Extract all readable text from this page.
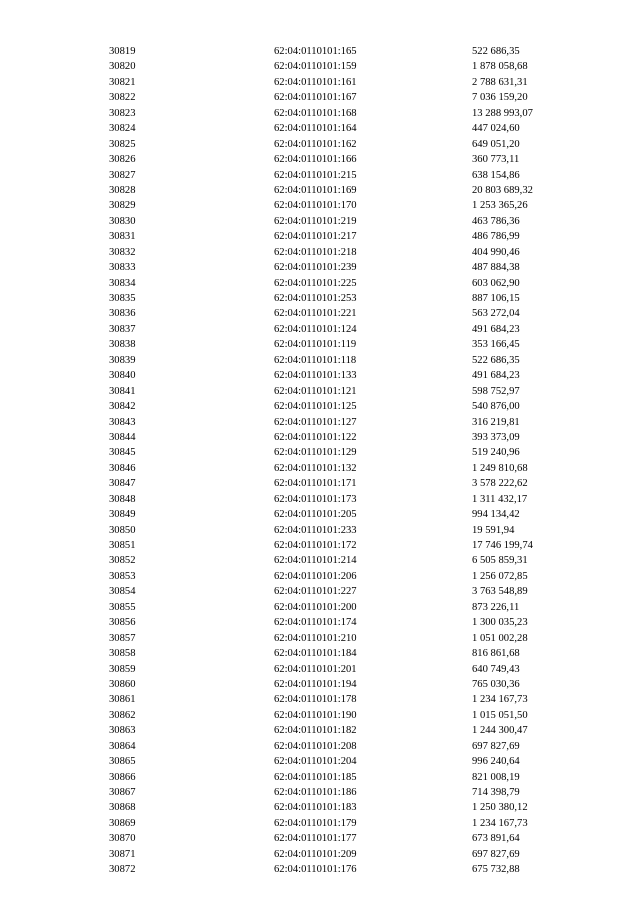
30819	62:04:0110101:165	522 686,35
30820	62:04:0110101:159	1 878 058,68
30821	62:04:0110101:161	2 788 631,31
30822	62:04:0110101:167	7 036 159,20
30823	62:04:0110101:168	13 288 993,07
30824	62:04:0110101:164	447 024,60
30825	62:04:0110101:162	649 051,20
30826	62:04:0110101:166	360 773,11
30827	62:04:0110101:215	638 154,86
30828	62:04:0110101:169	20 803 689,32
30829	62:04:0110101:170	1 253 365,26
30830	62:04:0110101:219	463 786,36
30831	62:04:0110101:217	486 786,99
30832	62:04:0110101:218	404 990,46
30833	62:04:0110101:239	487 884,38
30834	62:04:0110101:225	603 062,90
30835	62:04:0110101:253	887 106,15
30836	62:04:0110101:221	563 272,04
30837	62:04:0110101:124	491 684,23
30838	62:04:0110101:119	353 166,45
30839	62:04:0110101:118	522 686,35
30840	62:04:0110101:133	491 684,23
30841	62:04:0110101:121	598 752,97
30842	62:04:0110101:125	540 876,00
30843	62:04:0110101:127	316 219,81
30844	62:04:0110101:122	393 373,09
30845	62:04:0110101:129	519 240,96
30846	62:04:0110101:132	1 249 810,68
30847	62:04:0110101:171	3 578 222,62
30848	62:04:0110101:173	1 311 432,17
30849	62:04:0110101:205	994 134,42
30850	62:04:0110101:233	19 591,94
30851	62:04:0110101:172	17 746 199,74
30852	62:04:0110101:214	6 505 859,31
30853	62:04:0110101:206	1 256 072,85
30854	62:04:0110101:227	3 763 548,89
30855	62:04:0110101:200	873 226,11
30856	62:04:0110101:174	1 300 035,23
30857	62:04:0110101:210	1 051 002,28
30858	62:04:0110101:184	816 861,68
30859	62:04:0110101:201	640 749,43
30860	62:04:0110101:194	765 030,36
30861	62:04:0110101:178	1 234 167,73
30862	62:04:0110101:190	1 015 051,50
30863	62:04:0110101:182	1 244 300,47
30864	62:04:0110101:208	697 827,69
30865	62:04:0110101:204	996 240,64
30866	62:04:0110101:185	821 008,19
30867	62:04:0110101:186	714 398,79
30868	62:04:0110101:183	1 250 380,12
30869	62:04:0110101:179	1 234 167,73
30870	62:04:0110101:177	673 891,64
30871	62:04:0110101:209	697 827,69
30872	62:04:0110101:176	675 732,88
